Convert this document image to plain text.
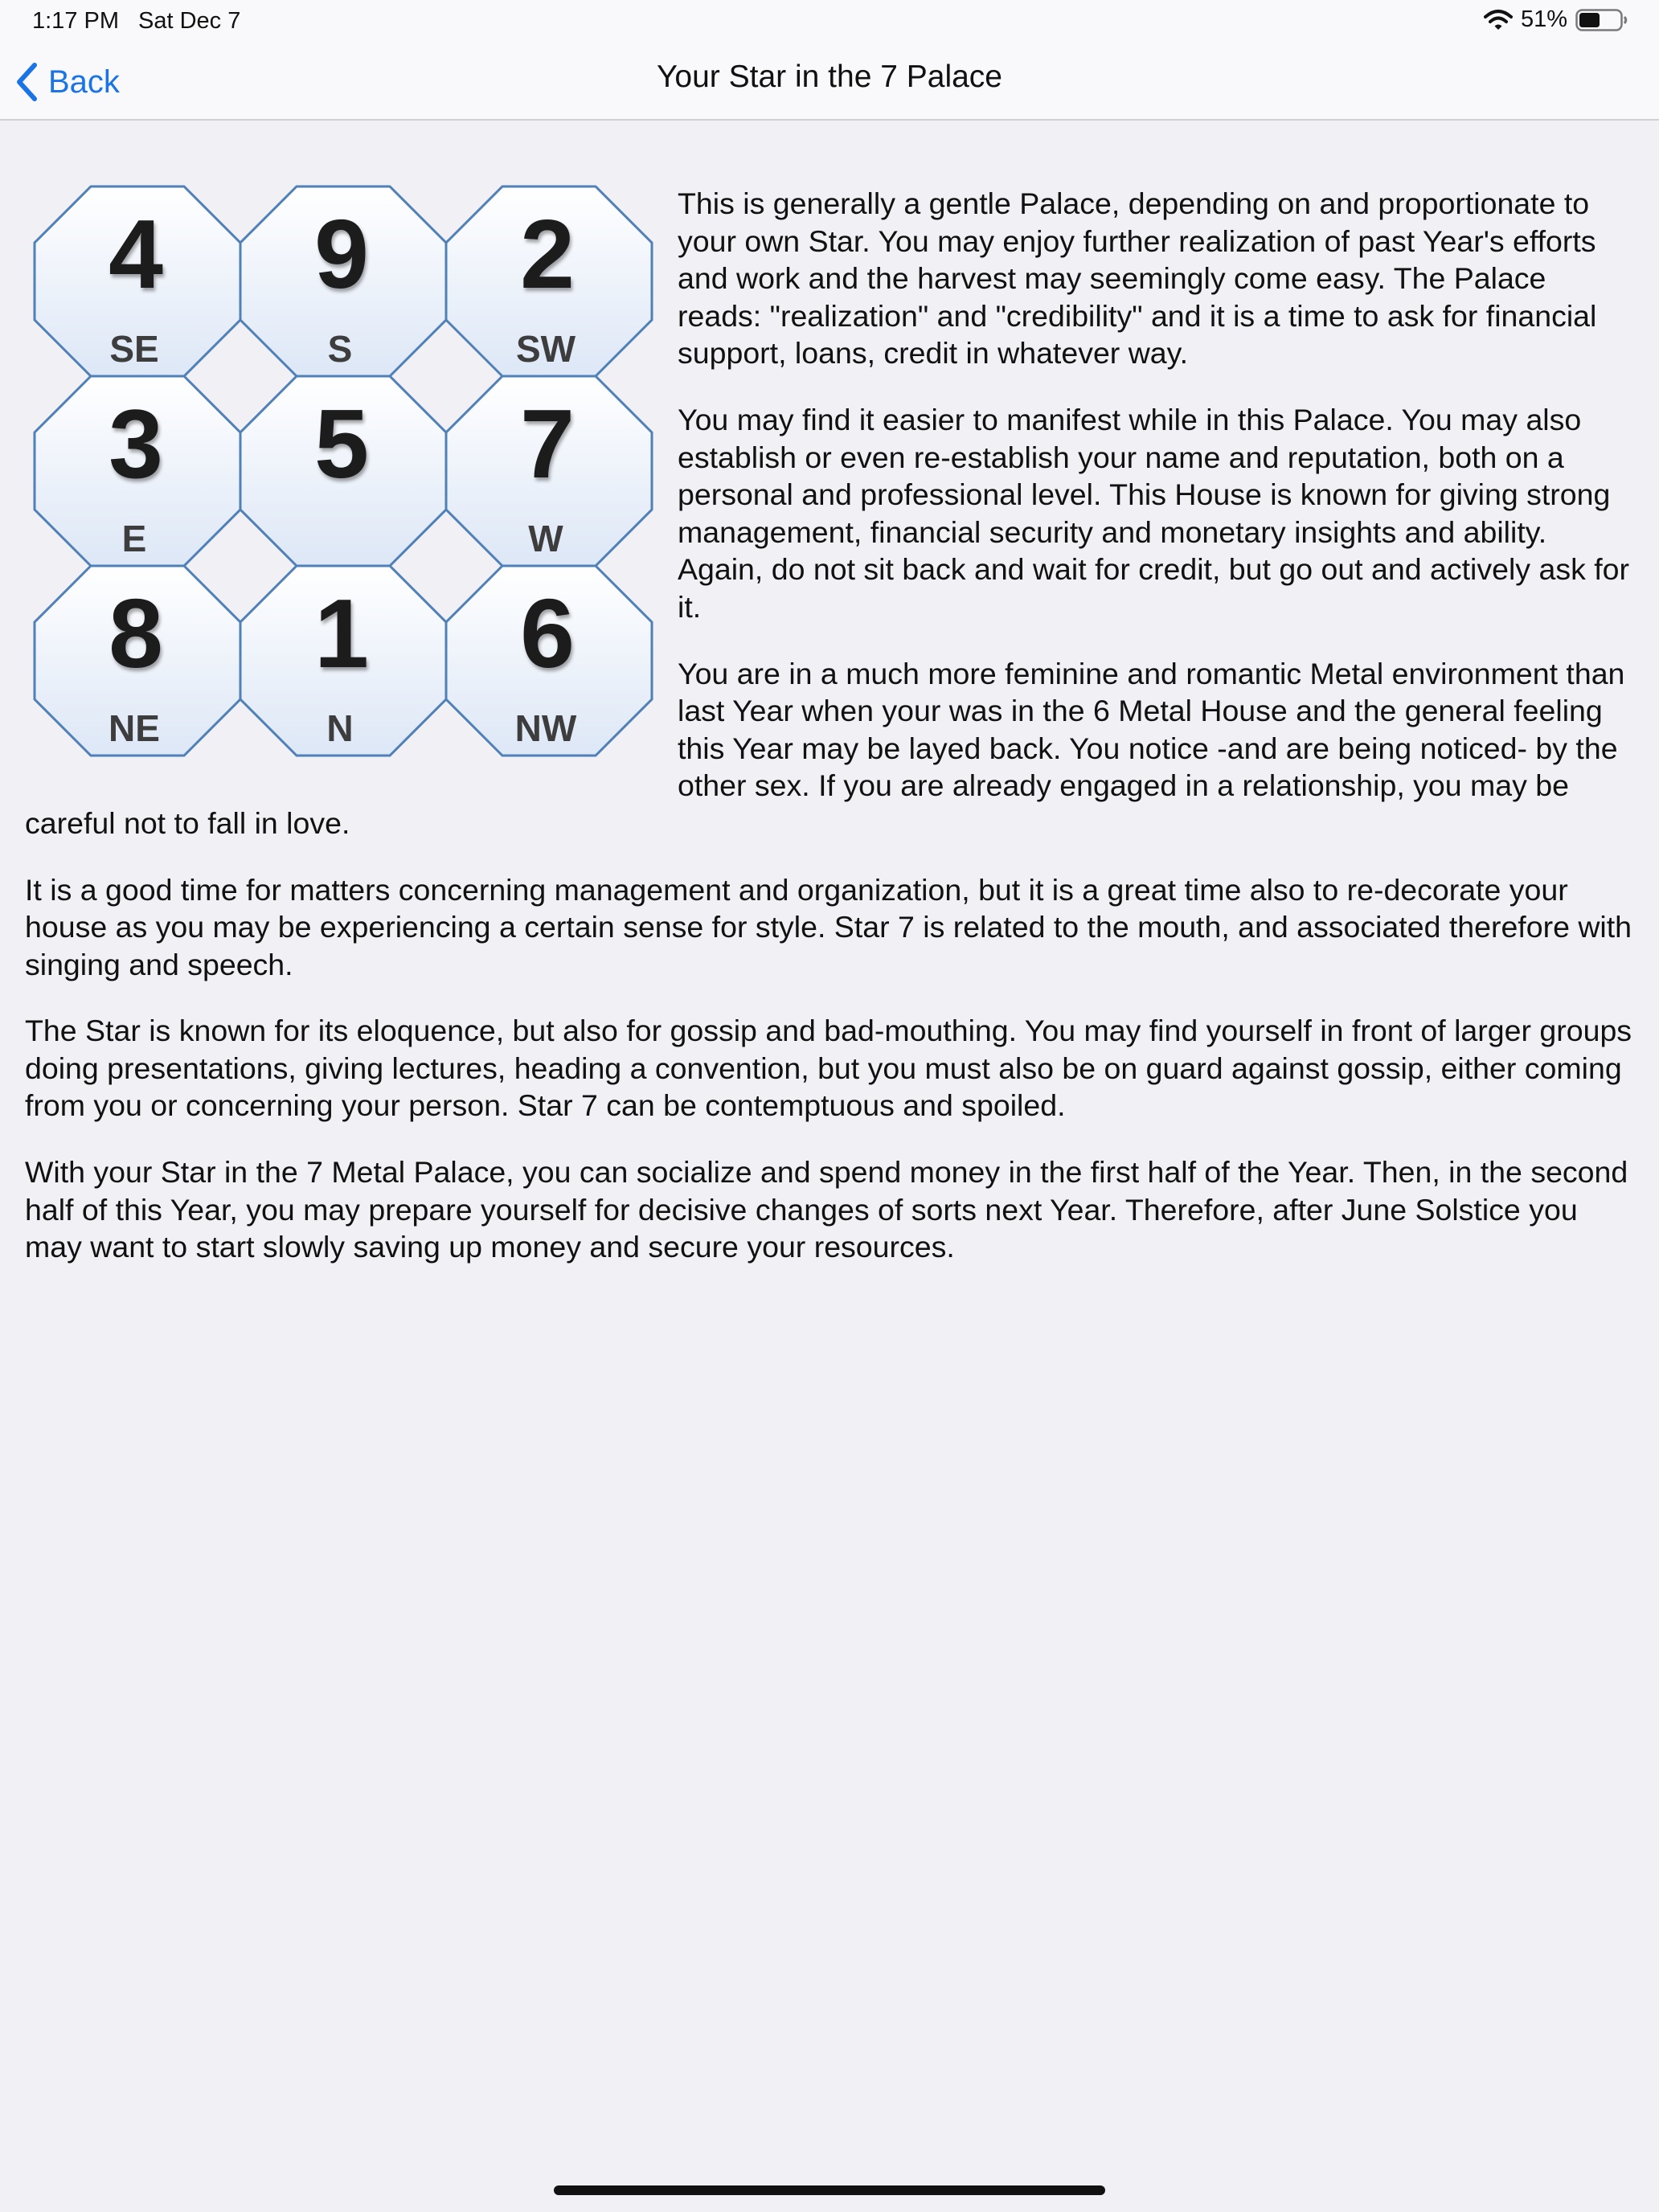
1:17 PM Sat Dec 7	51%
Back	Your Star in the 7 Palace
4
SE
9
S
2
SW
3
E
5 7
W
8
NE
1
N
6
NW

This is generally a gentle Palace, depending on and proportionate to your own Star. You may enjoy further realization of past Year's efforts and work and the harvest may seemingly come easy. The Palace reads: "realization" and "credibility" and it is a time to ask for financial support, loans, credit in whatever way.

You may find it easier to manifest while in this Palace. You may also establish or even re-establish your name and reputation, both on a personal and professional level. This House is known for giving strong management, financial security and monetary insights and ability. Again, do not sit back and wait for credit, but go out and actively ask for it.

You are in a much more feminine and romantic Metal environment than last Year when your was in the 6 Metal House and the general feeling this Year may be layed back. You notice -and are being noticed- by the other sex. If you are already engaged in a relationship, you may be careful not to fall in love.

It is a good time for matters concerning management and organization, but it is a great time also to re-decorate your house as you may be experiencing a certain sense for style. Star 7 is related to the mouth, and associated therefore with singing and speech.

The Star is known for its eloquence, but also for gossip and bad-mouthing. You may find yourself in front of larger groups doing presentations, giving lectures, heading a convention, but you must also be on guard against gossip, either coming from you or concerning your person. Star 7 can be contemptuous and spoiled.

With your Star in the 7 Metal Palace, you can socialize and spend money in the first half of the Year. Then, in the second half of this Year, you may prepare yourself for decisive changes of sorts next Year. Therefore, after June Solstice you may want to start slowly saving up money and secure your resources.
